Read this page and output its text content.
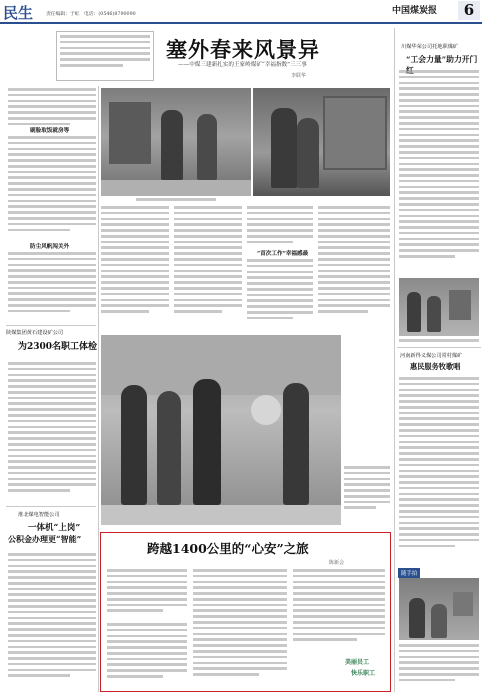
民生	责任编辑：于虹 电话：(0546)8790090	中国煤炭报	6
塞外春来风景异
——中煤三建新扎实的王家岭煤矿“幸福指数”三三事
李联华
刷脸取饭就房等
防尘风帆闯关外
“首次工作”幸福感最
陕煤集团黄石建设矿公司
为2300名职工体检
淮北煤电智能公司
一体机“上岗”
公积金办理更“智能”
跨越1400公里的“心安”之旅
陈新会
美丽员工
快乐职工
川煤华荣公司托地职煤矿
“工会力量”助力开门
河南新得义煤公司常村煤矿
惠民服务牧歌唱
随手拍
